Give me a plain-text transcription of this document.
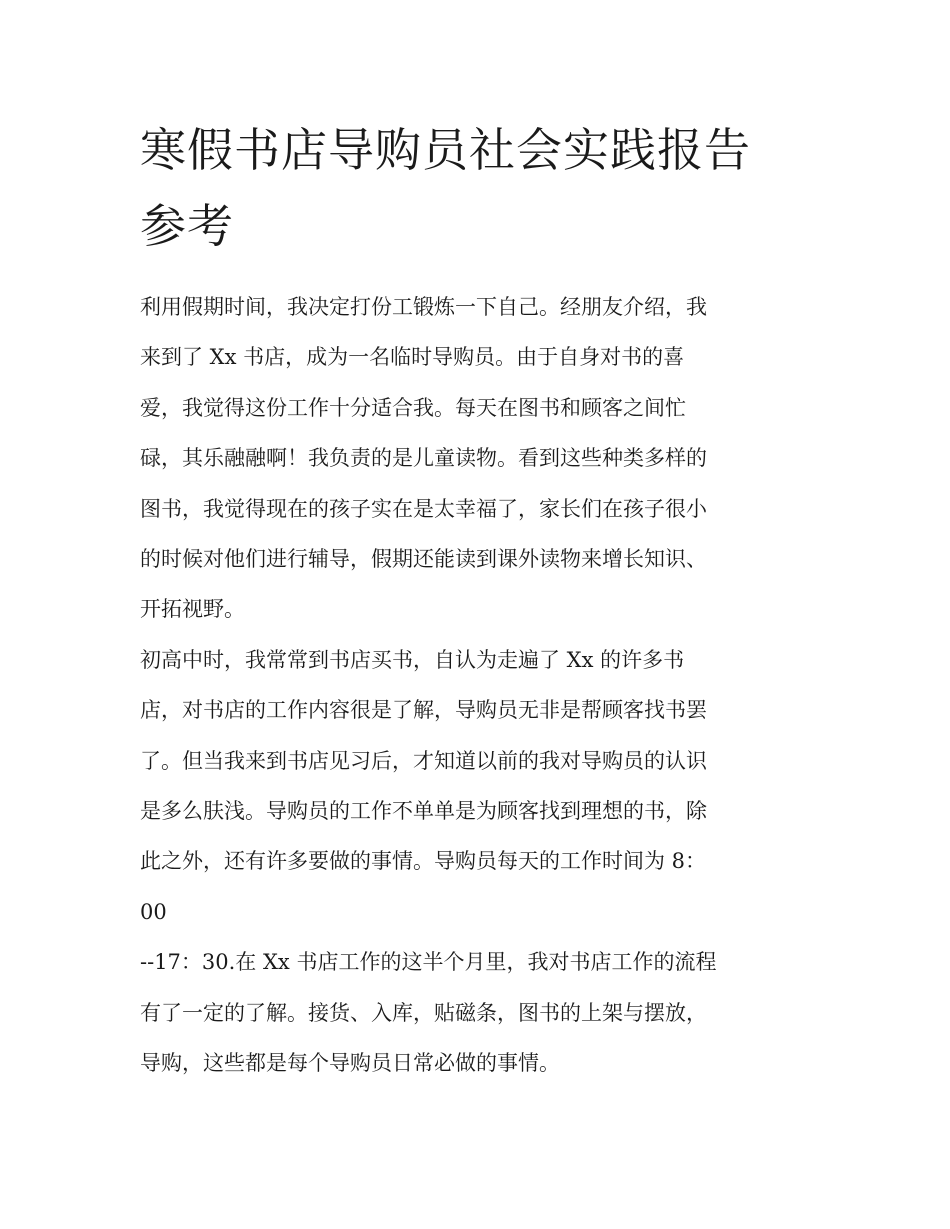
寒假书店导购员社会实践报告
参考

利用假期时间，我决定打份工锻炼一下自己。经朋友介绍，我
来到了 Xx 书店，成为一名临时导购员。由于自身对书的喜
爱，我觉得这份工作十分适合我。每天在图书和顾客之间忙
碌，其乐融融啊！我负责的是儿童读物。看到这些种类多样的
图书，我觉得现在的孩子实在是太幸福了，家长们在孩子很小
的时候对他们进行辅导，假期还能读到课外读物来增长知识、
开拓视野。

初高中时，我常常到书店买书，自认为走遍了 Xx 的许多书
店，对书店的工作内容很是了解，导购员无非是帮顾客找书罢
了。但当我来到书店见习后，才知道以前的我对导购员的认识
是多么肤浅。导购员的工作不单单是为顾客找到理想的书，除
此之外，还有许多要做的事情。导购员每天的工作时间为 8：
00

--17：30.在 Xx 书店工作的这半个月里，我对书店工作的流程
有了一定的了解。接货、入库，贴磁条，图书的上架与摆放，
导购，这些都是每个导购员日常必做的事情。
